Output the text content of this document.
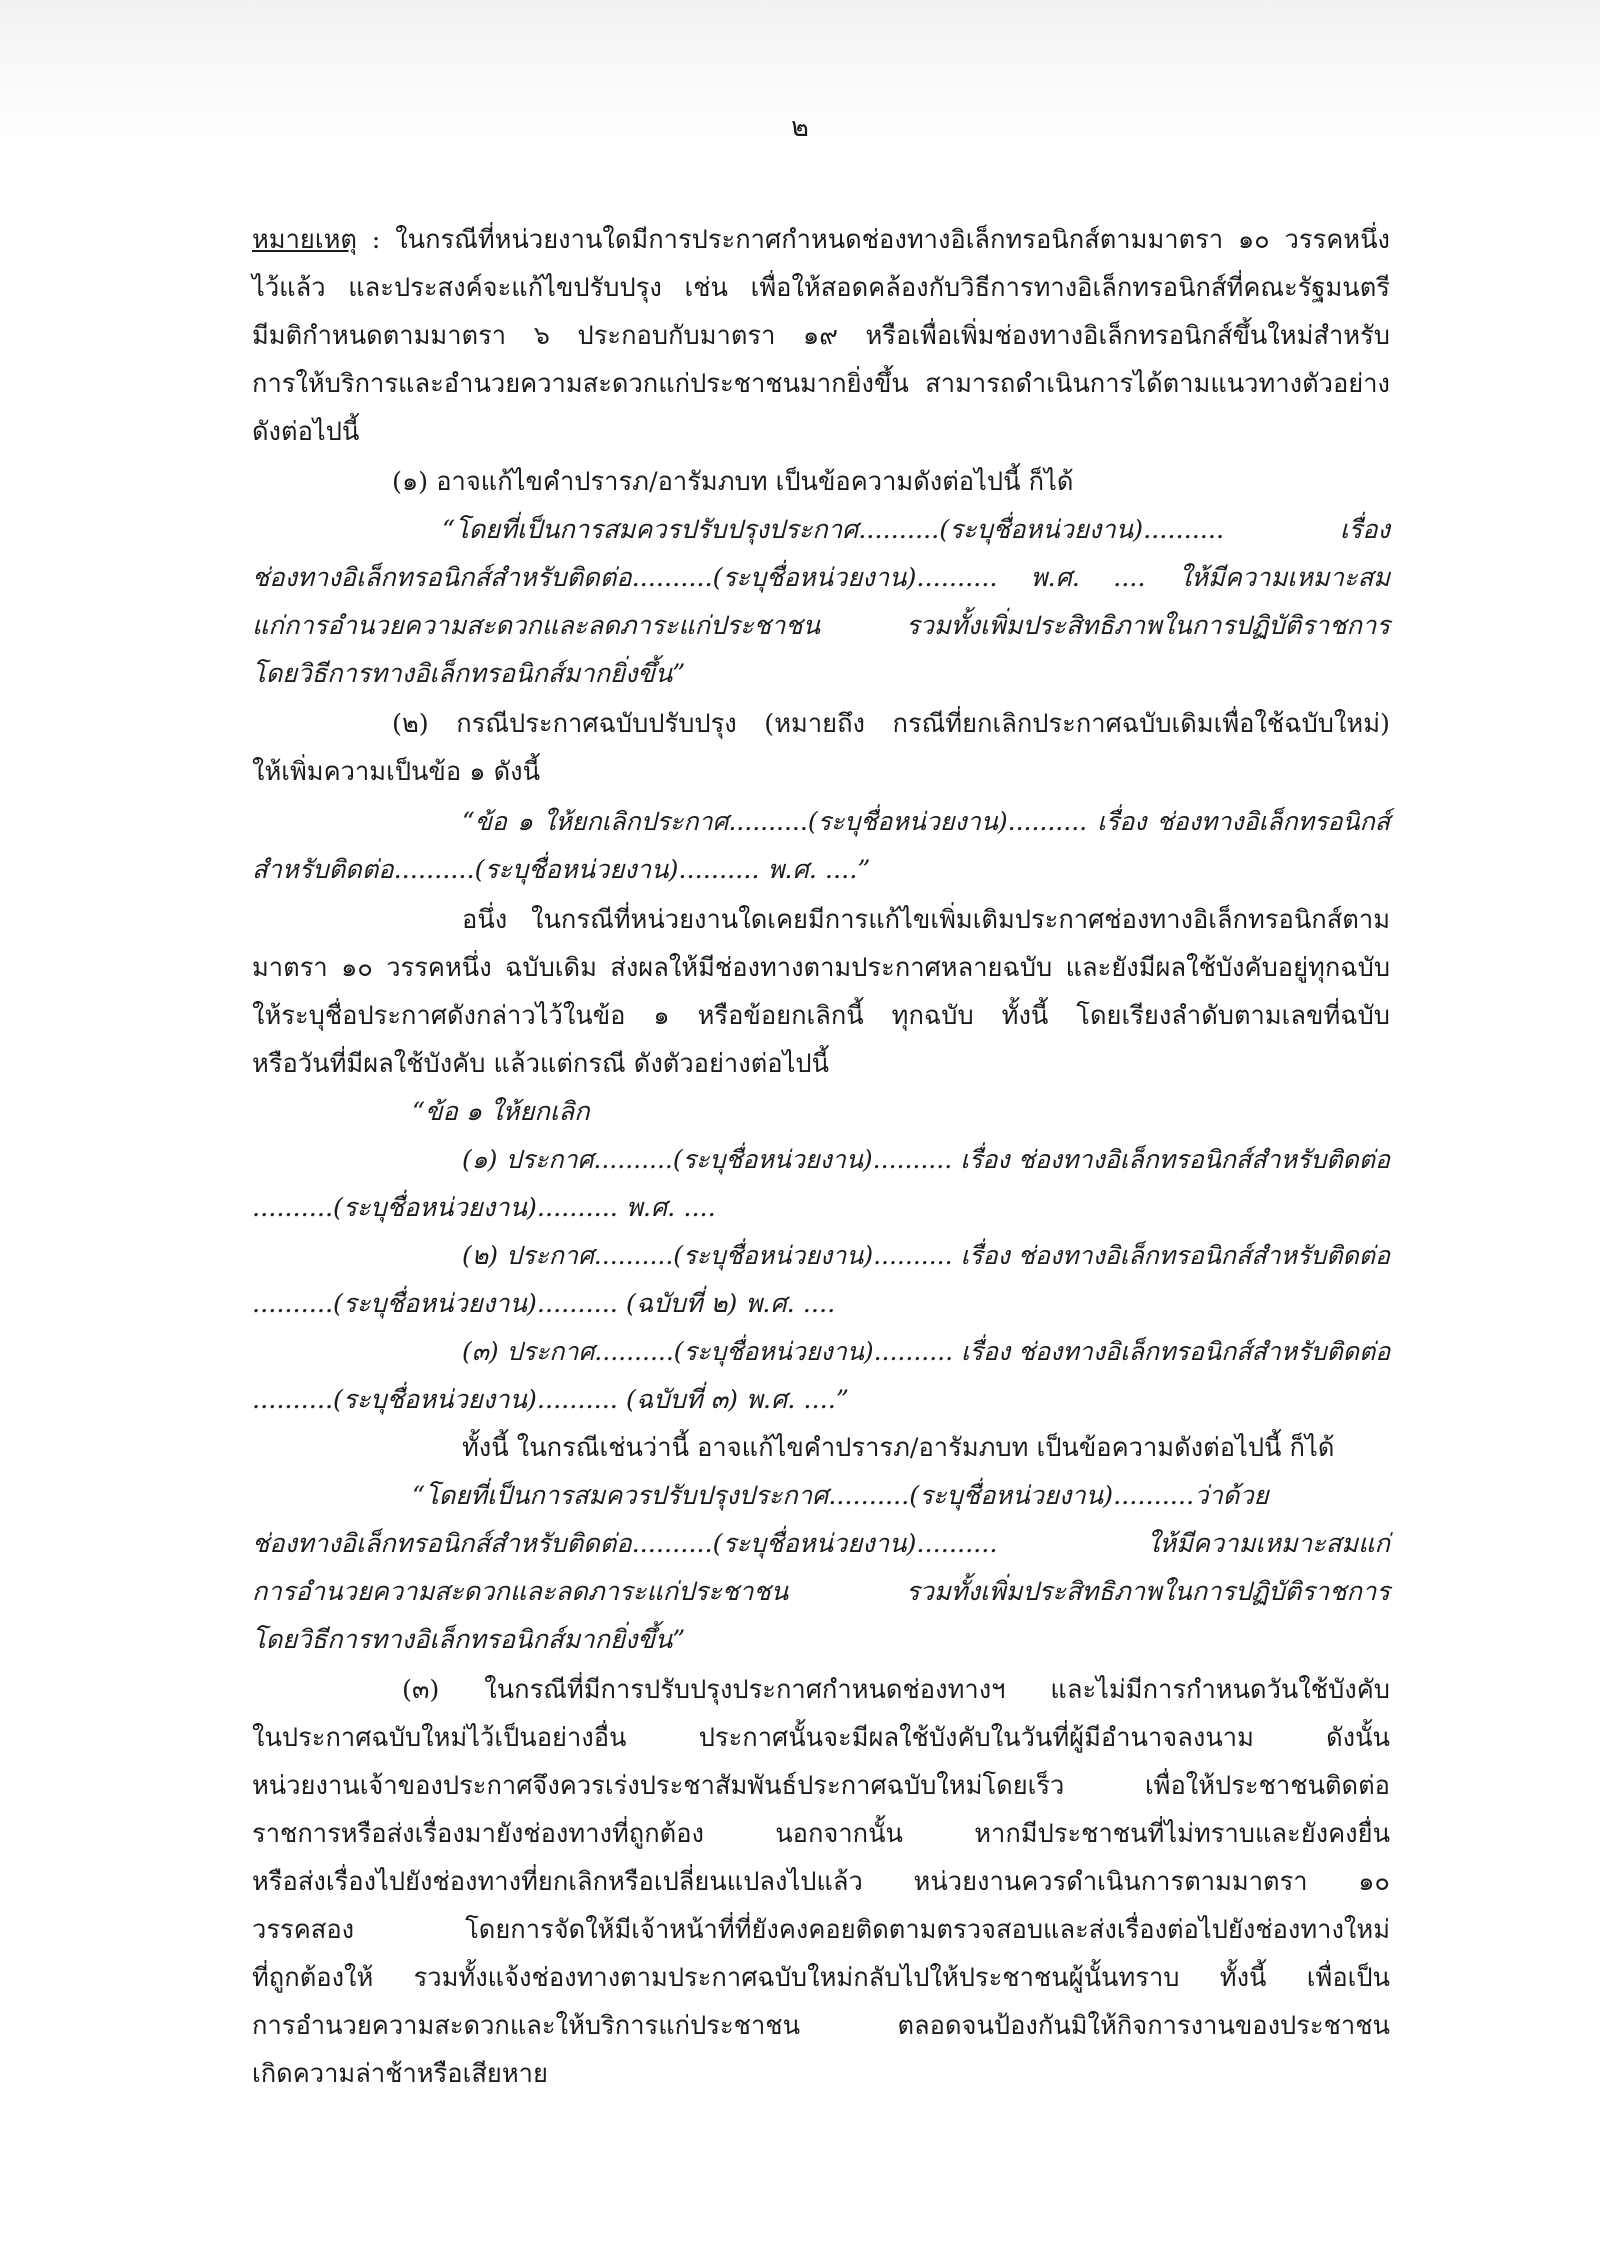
๒
หมายเหตุ : ในกรณีที่หน่วยงานใดมีการประกาศกำหนดช่องทางอิเล็กทรอนิกส์ตามมาตรา ๑๐ วรรคหนึ่ง
ไว้แล้ว และประสงค์จะแก้ไขปรับปรุง เช่น เพื่อให้สอดคล้องกับวิธีการทางอิเล็กทรอนิกส์ที่คณะรัฐมนตรี
มีมติกำหนดตามมาตรา ๖ ประกอบกับมาตรา ๑๙ หรือเพื่อเพิ่มช่องทางอิเล็กทรอนิกส์ขึ้นใหม่สำหรับ
การให้บริการและอำนวยความสะดวกแก่ประชาชนมากยิ่งขึ้น สามารถดำเนินการได้ตามแนวทางตัวอย่าง
ดังต่อไปนี้
(๑) อาจแก้ไขคำปรารภ/อารัมภบท เป็นข้อความดังต่อไปนี้ ก็ได้
“โดยที่เป็นการสมควรปรับปรุงประกาศ..........(ระบุชื่อหน่วยงาน).......... เรื่อง
ช่องทางอิเล็กทรอนิกส์สำหรับติดต่อ..........(ระบุชื่อหน่วยงาน).......... พ.ศ. .... ให้มีความเหมาะสม
แก่การอำนวยความสะดวกและลดภาระแก่ประชาชน รวมทั้งเพิ่มประสิทธิภาพในการปฏิบัติราชการ
โดยวิธีการทางอิเล็กทรอนิกส์มากยิ่งขึ้น”
(๒) กรณีประกาศฉบับปรับปรุง (หมายถึง กรณีที่ยกเลิกประกาศฉบับเดิมเพื่อใช้ฉบับใหม่)
ให้เพิ่มความเป็นข้อ ๑ ดังนี้
“ข้อ ๑ ให้ยกเลิกประกาศ..........(ระบุชื่อหน่วยงาน).......... เรื่อง ช่องทางอิเล็กทรอนิกส์
สำหรับติดต่อ..........(ระบุชื่อหน่วยงาน).......... พ.ศ. ....”
อนึ่ง ในกรณีที่หน่วยงานใดเคยมีการแก้ไขเพิ่มเติมประกาศช่องทางอิเล็กทรอนิกส์ตาม
มาตรา ๑๐ วรรคหนึ่ง ฉบับเดิม ส่งผลให้มีช่องทางตามประกาศหลายฉบับ และยังมีผลใช้บังคับอยู่ทุกฉบับ
ให้ระบุชื่อประกาศดังกล่าวไว้ในข้อ ๑ หรือข้อยกเลิกนี้ ทุกฉบับ ทั้งนี้ โดยเรียงลำดับตามเลขที่ฉบับ
หรือวันที่มีผลใช้บังคับ แล้วแต่กรณี ดังตัวอย่างต่อไปนี้
“ข้อ ๑ ให้ยกเลิก
(๑) ประกาศ..........(ระบุชื่อหน่วยงาน).......... เรื่อง ช่องทางอิเล็กทรอนิกส์สำหรับติดต่อ
..........(ระบุชื่อหน่วยงาน).......... พ.ศ. ....
(๒) ประกาศ..........(ระบุชื่อหน่วยงาน).......... เรื่อง ช่องทางอิเล็กทรอนิกส์สำหรับติดต่อ
..........(ระบุชื่อหน่วยงาน).......... (ฉบับที่ ๒) พ.ศ. ....
(๓) ประกาศ..........(ระบุชื่อหน่วยงาน).......... เรื่อง ช่องทางอิเล็กทรอนิกส์สำหรับติดต่อ
..........(ระบุชื่อหน่วยงาน).......... (ฉบับที่ ๓) พ.ศ. ....”
ทั้งนี้ ในกรณีเช่นว่านี้ อาจแก้ไขคำปรารภ/อารัมภบท เป็นข้อความดังต่อไปนี้ ก็ได้
“โดยที่เป็นการสมควรปรับปรุงประกาศ..........(ระบุชื่อหน่วยงาน)..........ว่าด้วย
ช่องทางอิเล็กทรอนิกส์สำหรับติดต่อ..........(ระบุชื่อหน่วยงาน).......... ให้มีความเหมาะสมแก่
การอำนวยความสะดวกและลดภาระแก่ประชาชน รวมทั้งเพิ่มประสิทธิภาพในการปฏิบัติราชการ
โดยวิธีการทางอิเล็กทรอนิกส์มากยิ่งขึ้น”
(๓) ในกรณีที่มีการปรับปรุงประกาศกำหนดช่องทางฯ และไม่มีการกำหนดวันใช้บังคับ
ในประกาศฉบับใหม่ไว้เป็นอย่างอื่น ประกาศนั้นจะมีผลใช้บังคับในวันที่ผู้มีอำนาจลงนาม ดังนั้น
หน่วยงานเจ้าของประกาศจึงควรเร่งประชาสัมพันธ์ประกาศฉบับใหม่โดยเร็ว เพื่อให้ประชาชนติดต่อ
ราชการหรือส่งเรื่องมายังช่องทางที่ถูกต้อง นอกจากนั้น หากมีประชาชนที่ไม่ทราบและยังคงยื่น
หรือส่งเรื่องไปยังช่องทางที่ยกเลิกหรือเปลี่ยนแปลงไปแล้ว หน่วยงานควรดำเนินการตามมาตรา ๑๐
วรรคสอง โดยการจัดให้มีเจ้าหน้าที่ที่ยังคงคอยติดตามตรวจสอบและส่งเรื่องต่อไปยังช่องทางใหม่
ที่ถูกต้องให้ รวมทั้งแจ้งช่องทางตามประกาศฉบับใหม่กลับไปให้ประชาชนผู้นั้นทราบ ทั้งนี้ เพื่อเป็น
การอำนวยความสะดวกและให้บริการแก่ประชาชน ตลอดจนป้องกันมิให้กิจการงานของประชาชน
เกิดความล่าช้าหรือเสียหาย
